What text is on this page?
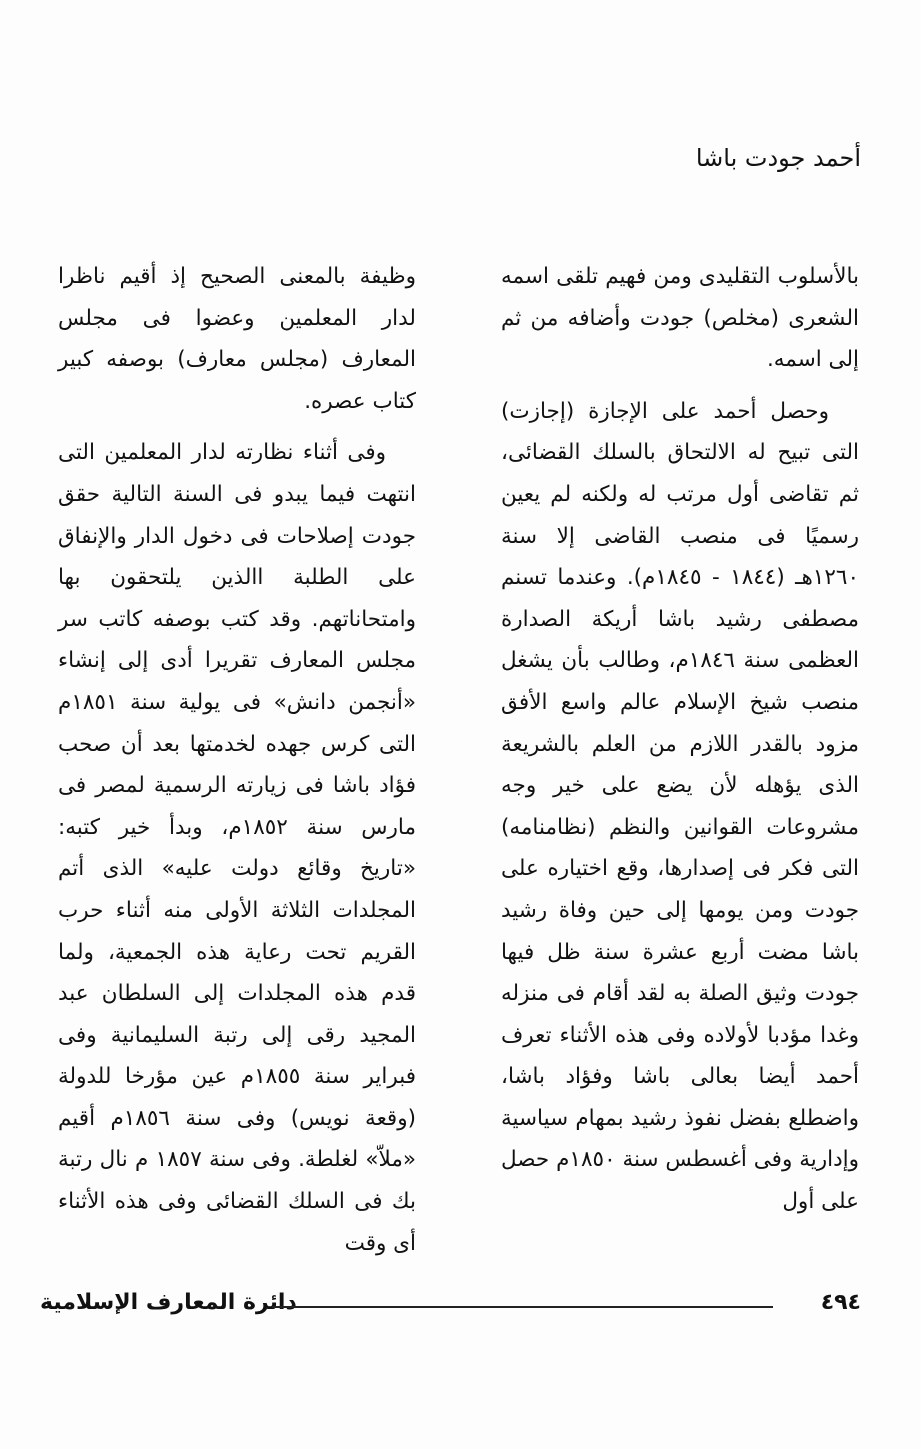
أحمد جودت باشا

بالأسلوب التقليدى ومن فهيم تلقى اسمه الشعرى (مخلص) جودت وأضافه من ثم إلى اسمه.

وحصل أحمد على الإجازة (إجازت) التى تبيح له الالتحاق بالسلك القضائى، ثم تقاضى أول مرتب له ولكنه لم يعين رسميًا فى منصب القاضى إلا سنة ١٢٦٠هـ (١٨٤٤ - ١٨٤٥م). وعندما تسنم مصطفى رشيد باشا أريكة الصدارة العظمى سنة ١٨٤٦م، وطالب بأن يشغل منصب شيخ الإسلام عالم واسع الأفق مزود بالقدر اللازم من العلم بالشريعة الذى يؤهله لأن يضع على خير وجه مشروعات القوانين والنظم (نظامنامه) التى فكر فى إصدارها، وقع اختياره على جودت ومن يومها إلى حين وفاة رشيد باشا مضت أربع عشرة سنة ظل فيها جودت وثيق الصلة به لقد أقام فى منزله وغدا مؤدبا لأولاده وفى هذه الأثناء تعرف أحمد أيضا بعالى باشا وفؤاد باشا، واضطلع بفضل نفوذ رشيد بمهام سياسية وإدارية وفى أغسطس سنة ١٨٥٠م حصل على أول

وظيفة بالمعنى الصحيح إذ أقيم ناظرا لدار المعلمين وعضوا فى مجلس المعارف (مجلس معارف) بوصفه كبير كتاب عصره.

وفى أثناء نظارته لدار المعلمين التى انتهت فيما يبدو فى السنة التالية حقق جودت إصلاحات فى دخول الدار والإنفاق على الطلبة االذين يلتحقون بها وامتحاناتهم. وقد كتب بوصفه كاتب سر مجلس المعارف تقريرا أدى إلى إنشاء «أنجمن دانش» فى يولية سنة ١٨٥١م التى كرس جهده لخدمتها بعد أن صحب فؤاد باشا فى زيارته الرسمية لمصر فى مارس سنة ١٨٥٢م، وبدأ خير كتبه: «تاريخ وقائع دولت عليه» الذى أتم المجلدات الثلاثة الأولى منه أثناء حرب القريم تحت رعاية هذه الجمعية، ولما قدم هذه المجلدات إلى السلطان عبد المجيد رقى إلى رتبة السليمانية وفى فبراير سنة ١٨٥٥م عين مؤرخا للدولة (وقعة نويس) وفى سنة ١٨٥٦م أقيم «ملاّ» لغلطة. وفى سنة ١٨٥٧ م نال رتبة بك فى السلك القضائى وفى هذه الأثناء أى وقت

دائرة المعارف الإسلامية	٤٩٤
